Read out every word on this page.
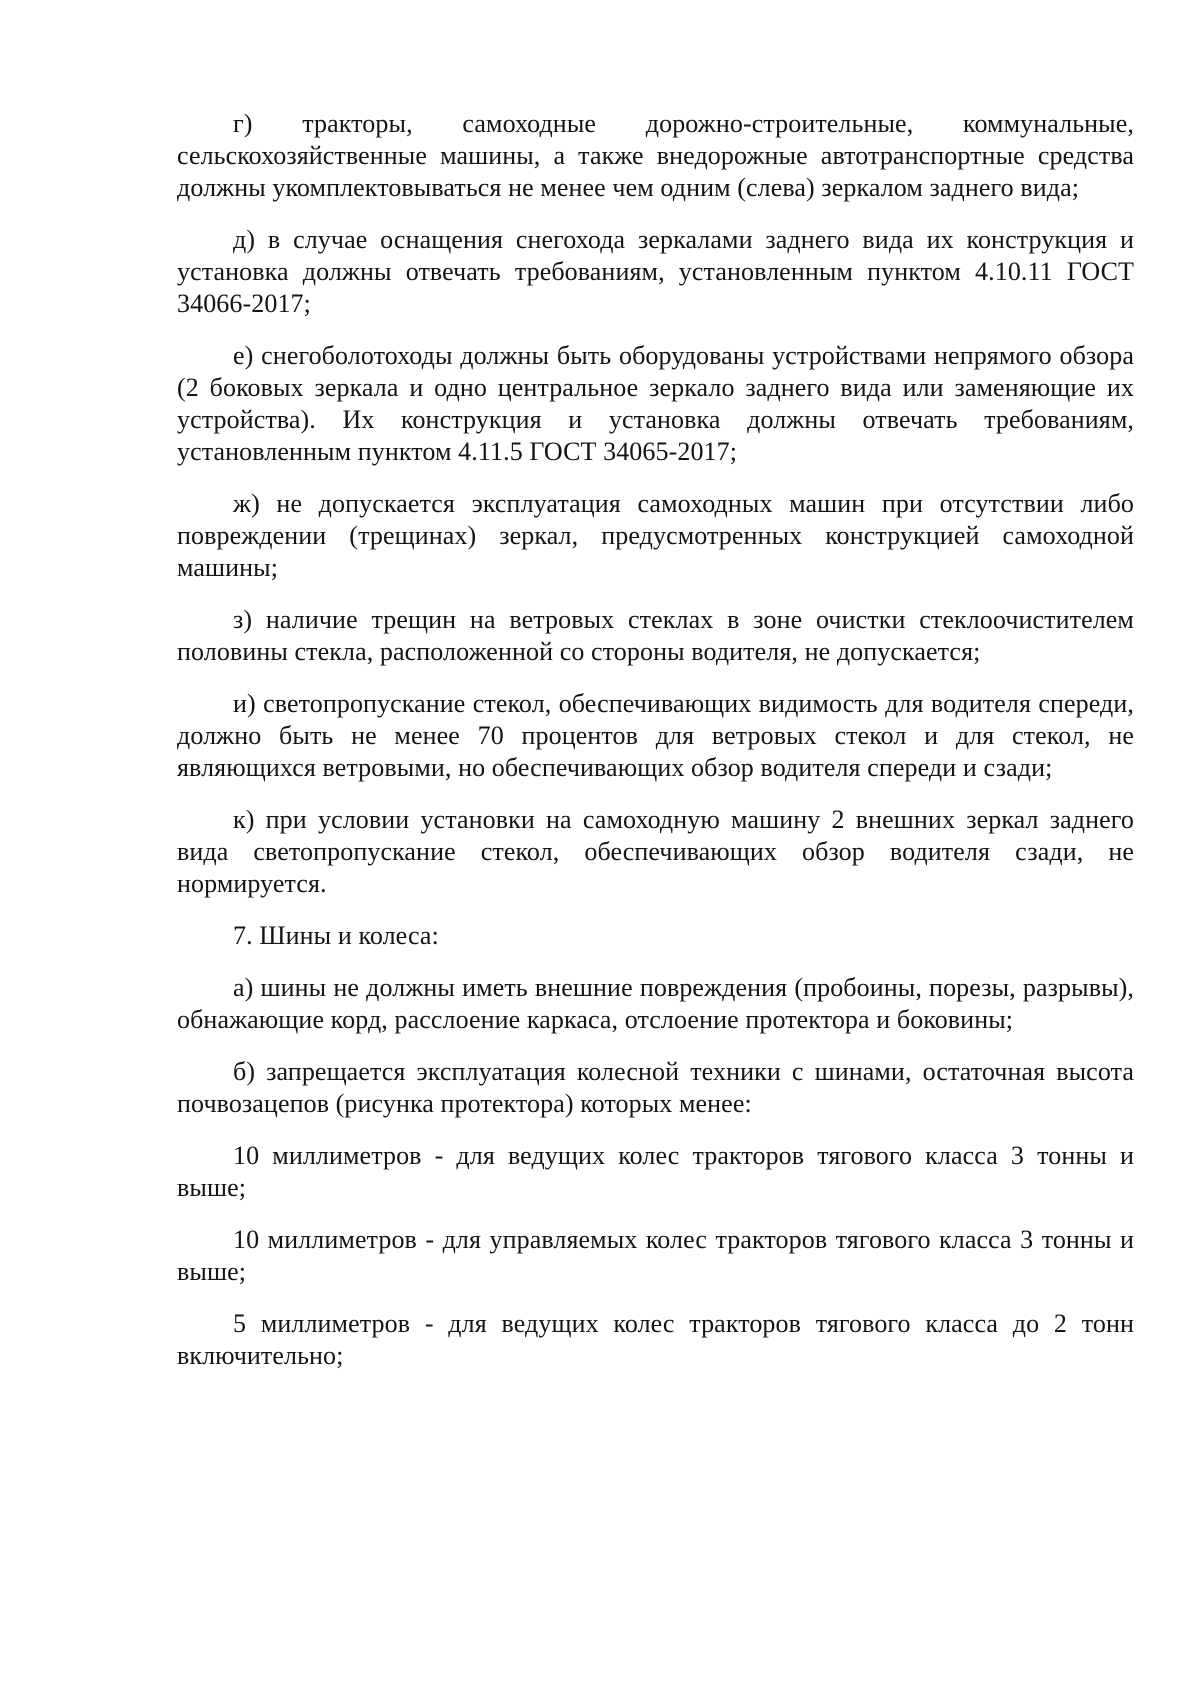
г) тракторы, самоходные дорожно-строительные, коммунальные, сельскохозяйственные машины, а также внедорожные автотранспортные средства должны укомплектовываться не менее чем одним (слева) зеркалом заднего вида;

д) в случае оснащения снегохода зеркалами заднего вида их конструкция и установка должны отвечать требованиям, установленным пунктом 4.10.11 ГОСТ 34066-2017;

е) снегоболотоходы должны быть оборудованы устройствами непрямого обзора (2 боковых зеркала и одно центральное зеркало заднего вида или заменяющие их устройства). Их конструкция и установка должны отвечать требованиям, установленным пунктом 4.11.5 ГОСТ 34065-2017;

ж) не допускается эксплуатация самоходных машин при отсутствии либо повреждении (трещинах) зеркал, предусмотренных конструкцией самоходной машины;

з) наличие трещин на ветровых стеклах в зоне очистки стеклоочистителем половины стекла, расположенной со стороны водителя, не допускается;

и) светопропускание стекол, обеспечивающих видимость для водителя спереди, должно быть не менее 70 процентов для ветровых стекол и для стекол, не являющихся ветровыми, но обеспечивающих обзор водителя спереди и сзади;

к) при условии установки на самоходную машину 2 внешних зеркал заднего вида светопропускание стекол, обеспечивающих обзор водителя сзади, не нормируется.

7. Шины и колеса:

а) шины не должны иметь внешние повреждения (пробоины, порезы, разрывы), обнажающие корд, расслоение каркаса, отслоение протектора и боковины;

б) запрещается эксплуатация колесной техники с шинами, остаточная высота почвозацепов (рисунка протектора) которых менее:

10 миллиметров - для ведущих колес тракторов тягового класса 3 тонны и выше;

10 миллиметров - для управляемых колес тракторов тягового класса 3 тонны и выше;

5 миллиметров - для ведущих колес тракторов тягового класса до 2 тонн включительно;
